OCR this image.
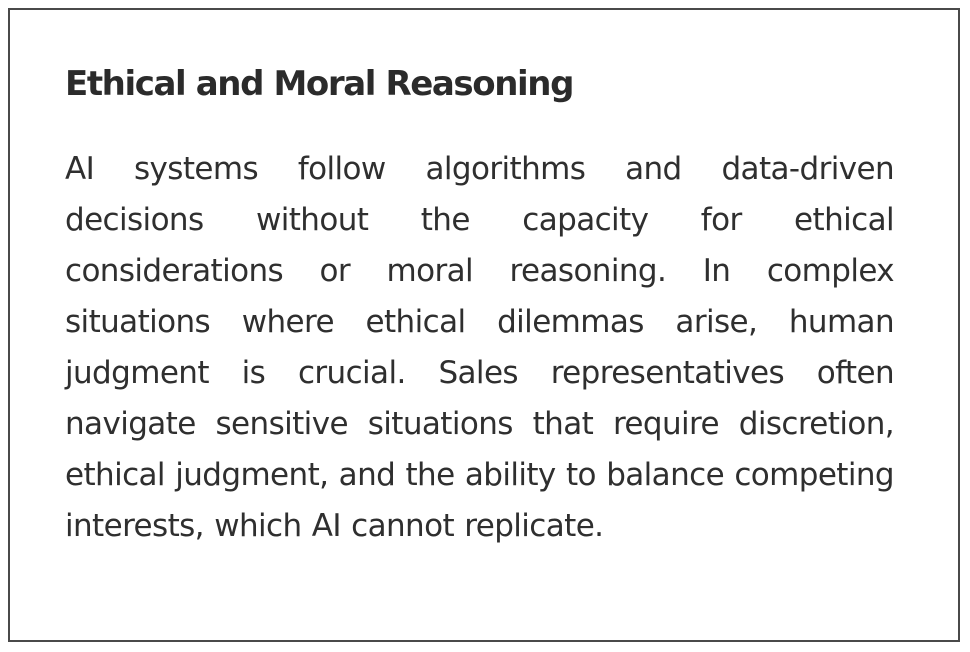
Ethical and Moral Reasoning

AI systems follow algorithms and data-driven decisions without the capacity for ethical considerations or moral reasoning. In complex situations where ethical dilemmas arise, human judgment is crucial. Sales representatives often navigate sensitive situations that require discretion, ethical judgment, and the ability to balance competing interests, which AI cannot replicate.
